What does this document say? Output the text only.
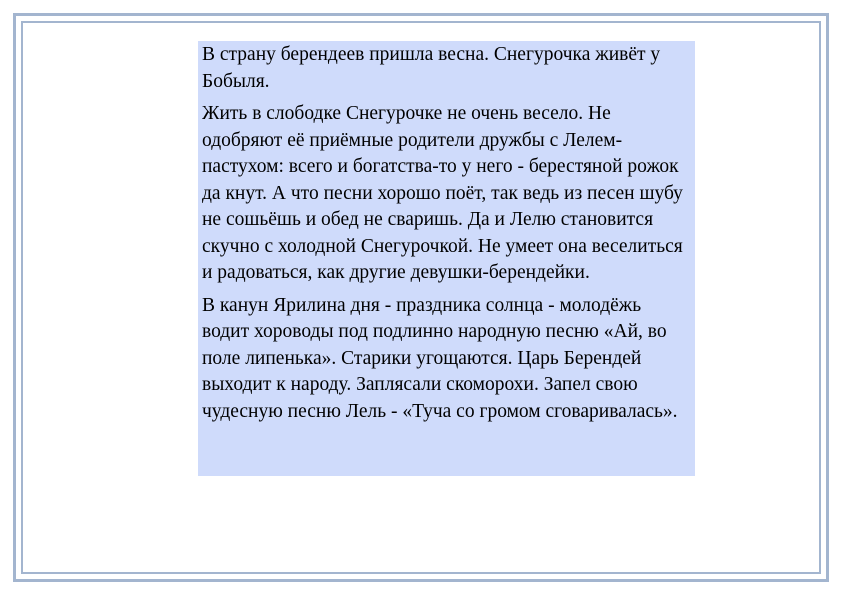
В страну берендеев пришла весна. Снегурочка живёт у Бобыля.

Жить в слободке Снегурочке не очень весело. Не одобряют её приёмные родители дружбы с Лелем-пастухом: всего и богатства-то у него - берестяной рожок да кнут. А что песни хорошо поёт, так ведь из песен шубу не сошьёшь и обед не сваришь. Да и Лелю становится скучно с холодной Снегурочкой. Не умеет она веселиться и радоваться, как другие девушки-берендейки.

В канун Ярилина дня - праздника солнца - молодёжь водит хороводы под подлинно народную песню «Ай, во поле липенька». Старики угощаются. Царь Берендей выходит к народу. Заплясали скоморохи. Запел свою чудесную песню Лель - «Туча со громом сговаривалась».
